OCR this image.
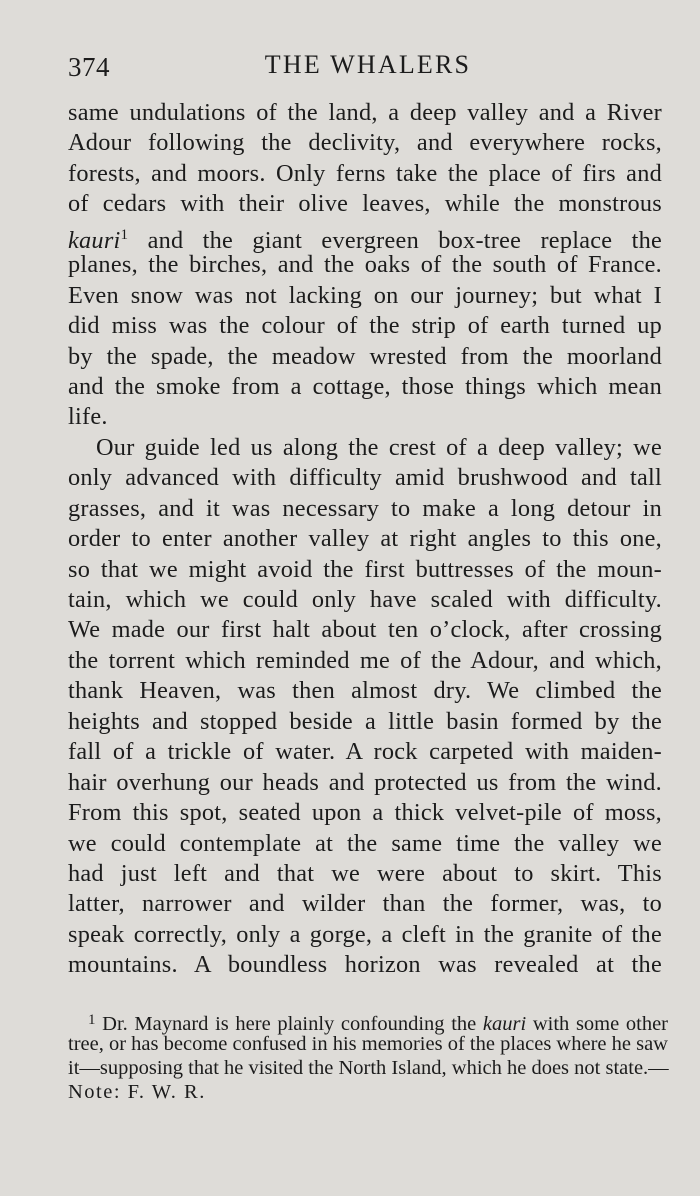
374	THE WHALERS
same undulations of the land, a deep valley and a River
Adour following the declivity, and everywhere rocks,
forests, and moors. Only ferns take the place of firs and
of cedars with their olive leaves, while the monstrous
kauri$^1$ and the giant evergreen box-tree replace the
planes, the birches, and the oaks of the south of France.
Even snow was not lacking on our journey; but what I
did miss was the colour of the strip of earth turned up
by the spade, the meadow wrested from the moorland
and the smoke from a cottage, those things which mean
life.
Our guide led us along the crest of a deep valley; we
only advanced with difficulty amid brushwood and tall
grasses, and it was necessary to make a long detour in
order to enter another valley at right angles to this one,
so that we might avoid the first buttresses of the moun-
tain, which we could only have scaled with difficulty.
We made our first halt about ten o’clock, after crossing
the torrent which reminded me of the Adour, and which,
thank Heaven, was then almost dry. We climbed the
heights and stopped beside a little basin formed by the
fall of a trickle of water. A rock carpeted with maiden-
hair overhung our heads and protected us from the wind.
From this spot, seated upon a thick velvet-pile of moss,
we could contemplate at the same time the valley we
had just left and that we were about to skirt. This
latter, narrower and wilder than the former, was, to
speak correctly, only a gorge, a cleft in the granite of the
mountains. A boundless horizon was revealed at the
$^1$ Dr. Maynard is here plainly confounding the kauri with some other
tree, or has become confused in his memories of the places where he saw
it—supposing that he visited the North Island, which he does not state.—
Note: F. W. R.
